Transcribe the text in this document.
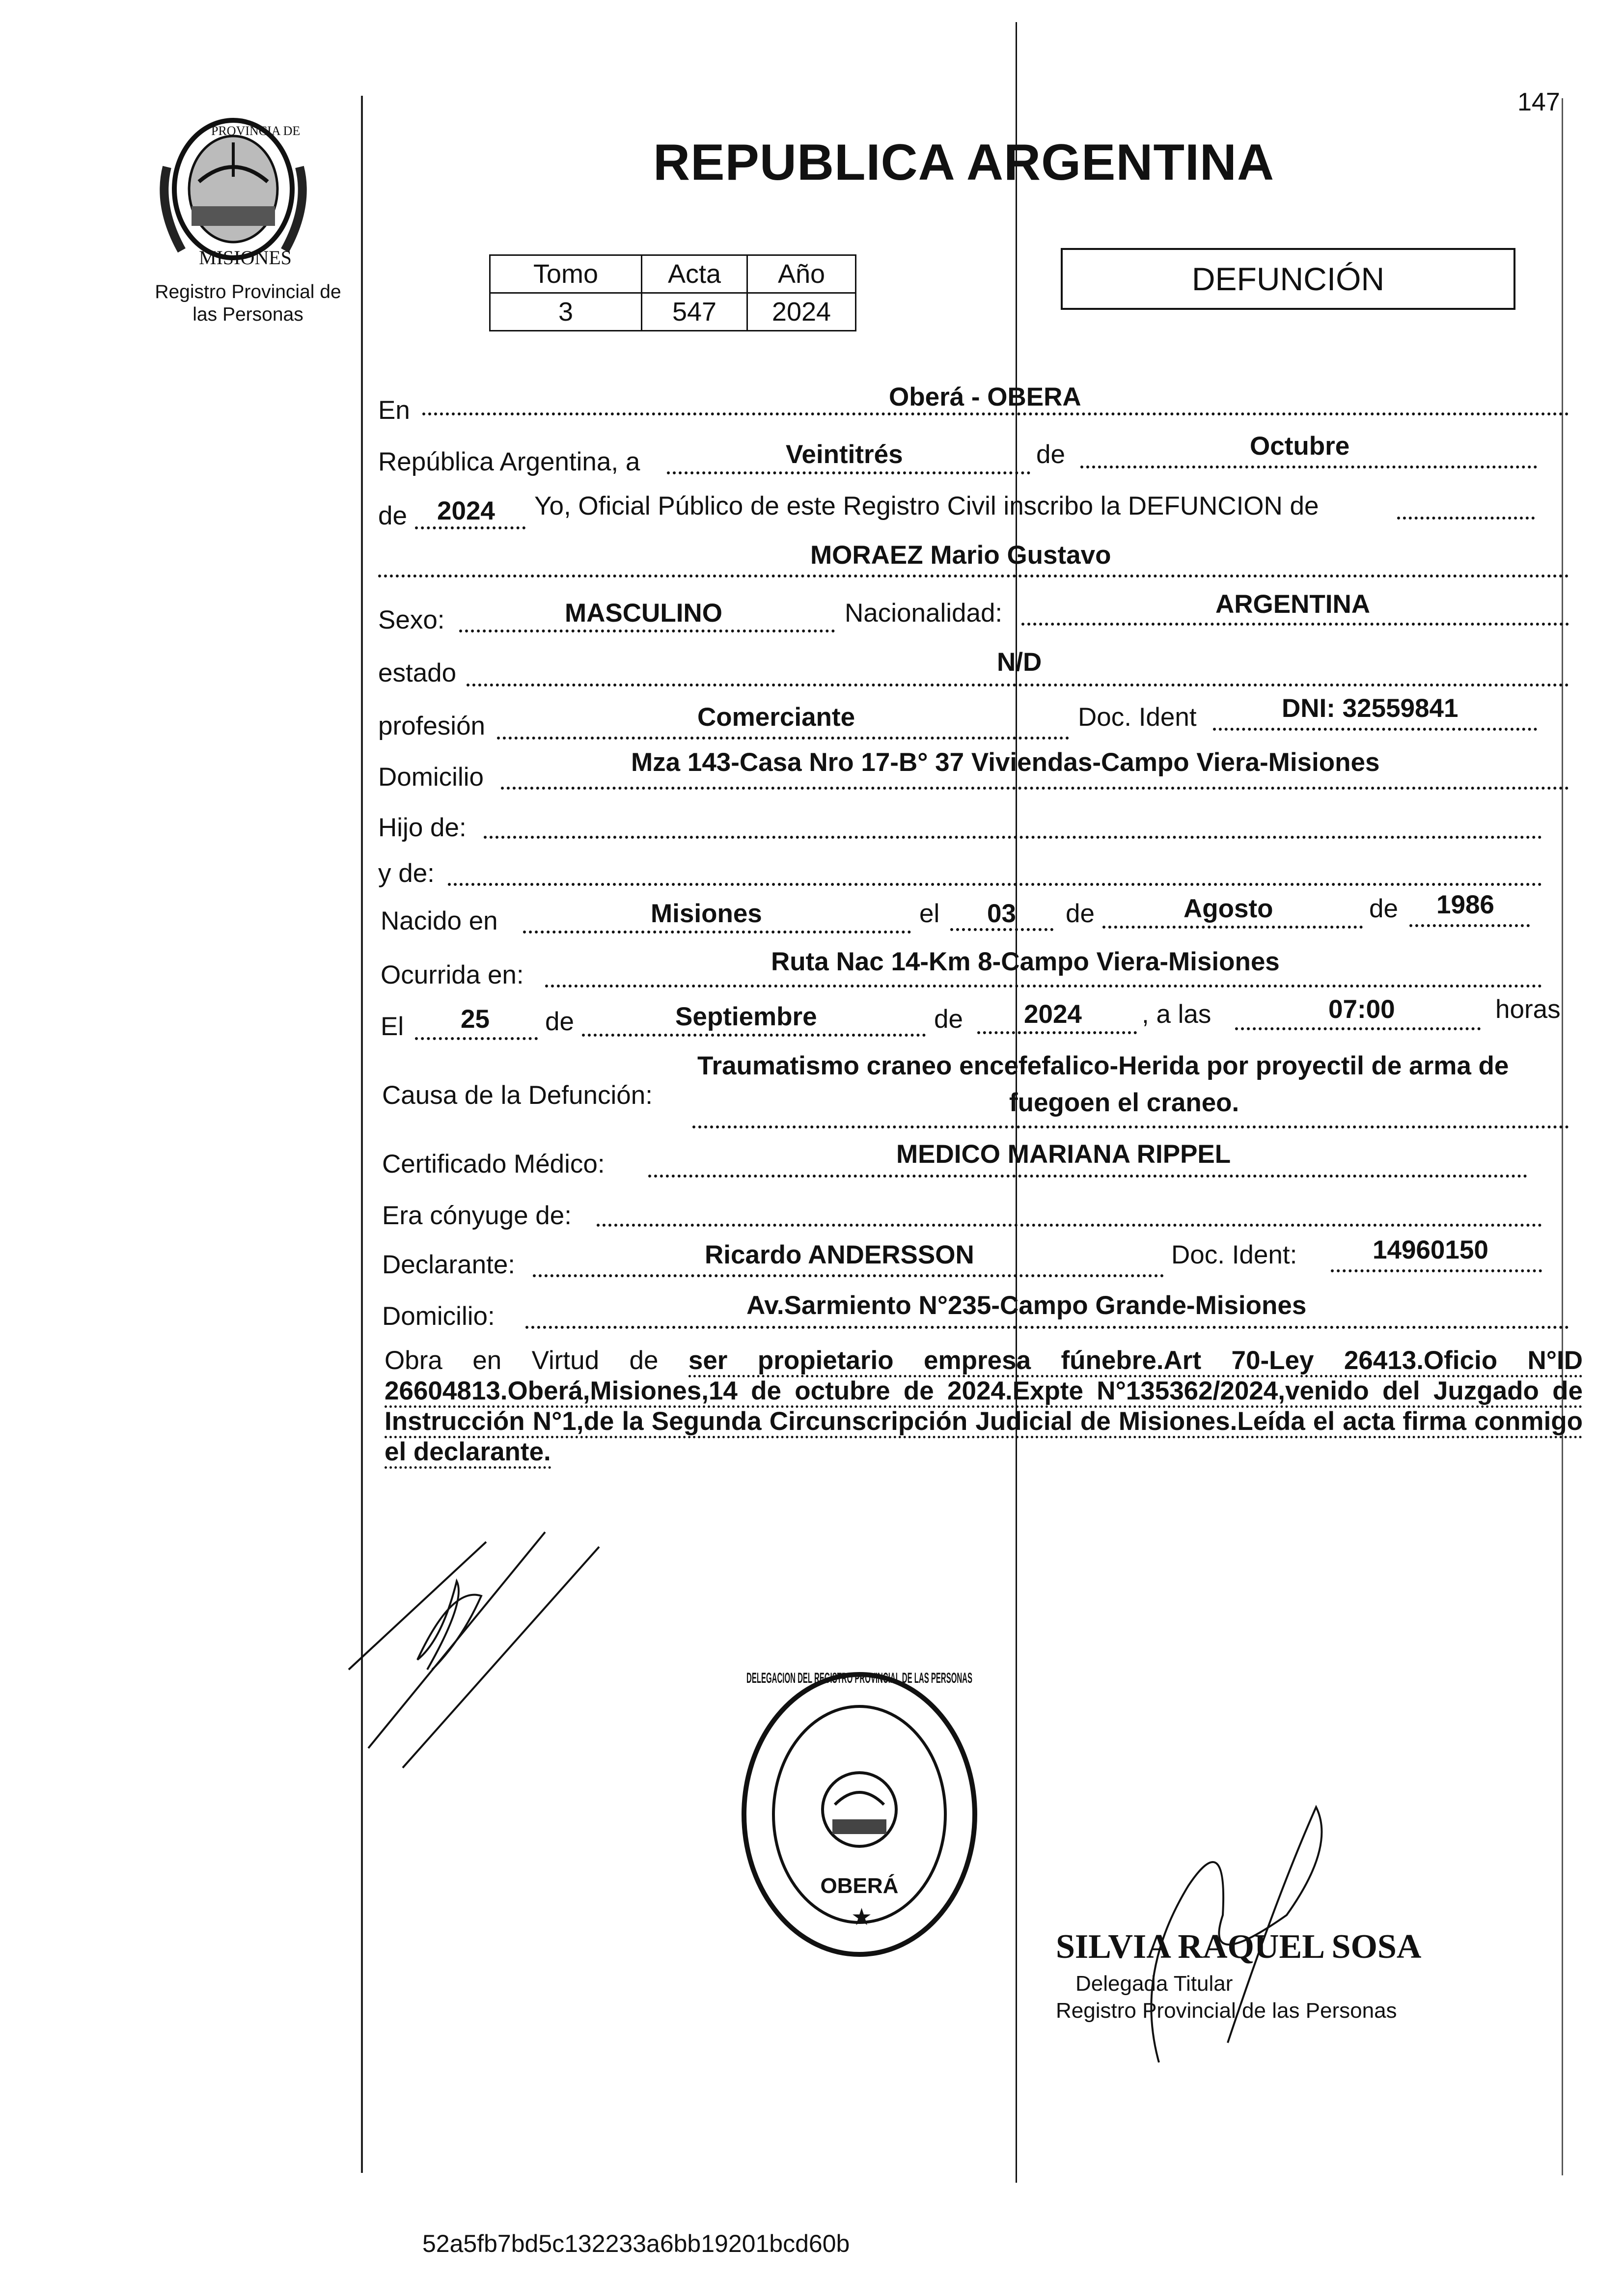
147
PROVINCIA DE
MISIONES
Registro Provincial de las Personas
REPUBLICA ARGENTINA
Tomo	Acta	Año
3	547	2024
DEFUNCIÓN
En	Oberá - OBERA
República Argentina, a	Veintitrés	de	Octubre
de 2024 Yo, Oficial Público de este Registro Civil inscribo la DEFUNCION de
MORAEZ Mario Gustavo
Sexo:	MASCULINO	Nacionalidad:	ARGENTINA
estado	N/D
profesión	Comerciante	Doc. Ident	DNI: 32559841
Domicilio
Mza 143-Casa Nro 17-B° 37 Viviendas-Campo Viera-Misiones
Hijo de:
y de:
Nacido en	Misiones	el 03 de	Agosto	de 1986
Ocurrida en:	Ruta Nac 14-Km 8-Campo Viera-Misiones
El 25 de	Septiembre	de 2024 , a las	07:00	horas
Causa de la Defunción:
Traumatismo craneo encefefalico-Herida por proyectil de arma de
fuegoen el craneo.
Certificado Médico:	MEDICO MARIANA RIPPEL
Era cónyuge de:
Declarante:	Ricardo ANDERSSON	Doc. Ident:	14960150
Domicilio:	Av.Sarmiento N°235-Campo Grande-Misiones
Obra en Virtud de ser propietario empresa fúnebre.Art 70-Ley 26413.Oficio N°ID 26604813.Oberá,Misiones,14 de octubre de 2024.Expte N°135362/2024,venido del Juzgado de Instrucción N°1,de la Segunda Circunscripción Judicial de Misiones.Leída el acta firma conmigo el declarante.
DELEGACION DEL REGISTRO PROVINCIAL DE LAS PERSONAS
OBERÁ
★
SILVIA RAQUEL SOSA
Delegada Titular
Registro Provincial de las Personas
52a5fb7bd5c132233a6bb19201bcd60b
